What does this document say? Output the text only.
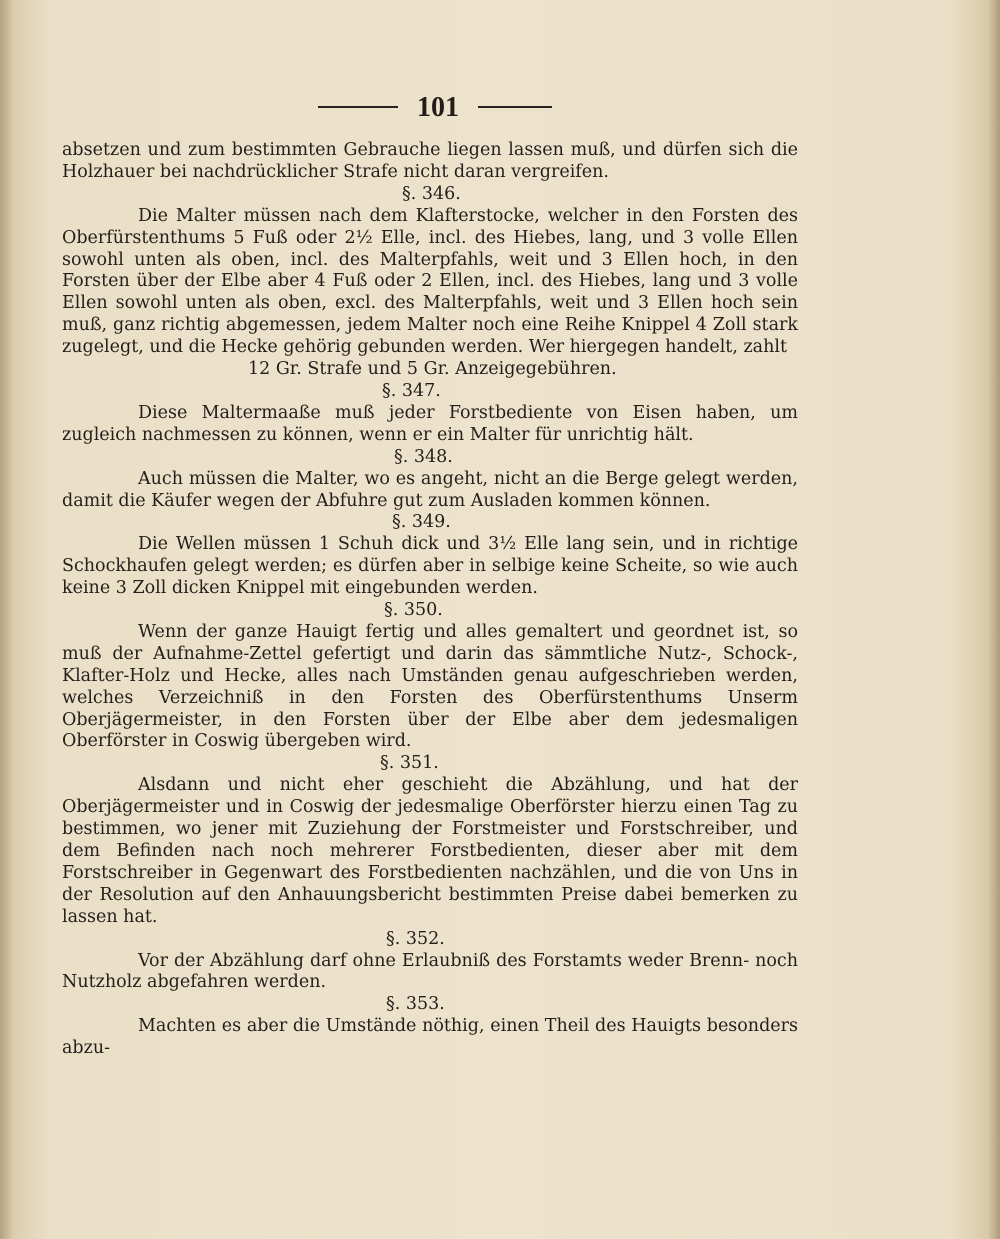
101

absetzen und zum bestimmten Gebrauche liegen lassen muß, und dürfen sich die Holzhauer bei nachdrücklicher Strafe nicht daran vergreifen.

§. 346.

Die Malter müssen nach dem Klafterstocke, welcher in den Forsten des Oberfürstenthums 5 Fuß oder 2½ Elle, incl. des Hiebes, lang, und 3 volle Ellen sowohl unten als oben, incl. des Malterpfahls, weit und 3 Ellen hoch, in den Forsten über der Elbe aber 4 Fuß oder 2 Ellen, incl. des Hiebes, lang und 3 volle Ellen sowohl unten als oben, excl. des Malterpfahls, weit und 3 Ellen hoch sein muß, ganz richtig abgemessen, jedem Malter noch eine Reihe Knippel 4 Zoll stark zugelegt, und die Hecke gehörig gebunden werden. Wer hiergegen handelt, zahlt

12 Gr. Strafe und 5 Gr. Anzeigegebühren.

§. 347.

Diese Maltermaaße muß jeder Forstbediente von Eisen haben, um zugleich nachmessen zu können, wenn er ein Malter für unrichtig hält.

§. 348.

Auch müssen die Malter, wo es angeht, nicht an die Berge gelegt werden, damit die Käufer wegen der Abfuhre gut zum Ausladen kommen können.

§. 349.

Die Wellen müssen 1 Schuh dick und 3½ Elle lang sein, und in richtige Schockhaufen gelegt werden; es dürfen aber in selbige keine Scheite, so wie auch keine 3 Zoll dicken Knippel mit eingebunden werden.

§. 350.

Wenn der ganze Hauigt fertig und alles gemaltert und geordnet ist, so muß der Aufnahme-Zettel gefertigt und darin das sämmtliche Nutz-, Schock-, Klafter-Holz und Hecke, alles nach Umständen genau aufgeschrieben werden, welches Verzeichniß in den Forsten des Oberfürstenthums Unserm Oberjägermeister, in den Forsten über der Elbe aber dem jedesmaligen Oberförster in Coswig übergeben wird.

§. 351.

Alsdann und nicht eher geschieht die Abzählung, und hat der Oberjägermeister und in Coswig der jedesmalige Oberförster hierzu einen Tag zu bestimmen, wo jener mit Zuziehung der Forstmeister und Forstschreiber, und dem Befinden nach noch mehrerer Forstbedienten, dieser aber mit dem Forstschreiber in Gegenwart des Forstbedienten nachzählen, und die von Uns in der Resolution auf den Anhauungsbericht bestimmten Preise dabei bemerken zu lassen hat.

§. 352.

Vor der Abzählung darf ohne Erlaubniß des Forstamts weder Brenn- noch Nutzholz abgefahren werden.

§. 353.

Machten es aber die Umstände nöthig, einen Theil des Hauigts besonders abzu-
